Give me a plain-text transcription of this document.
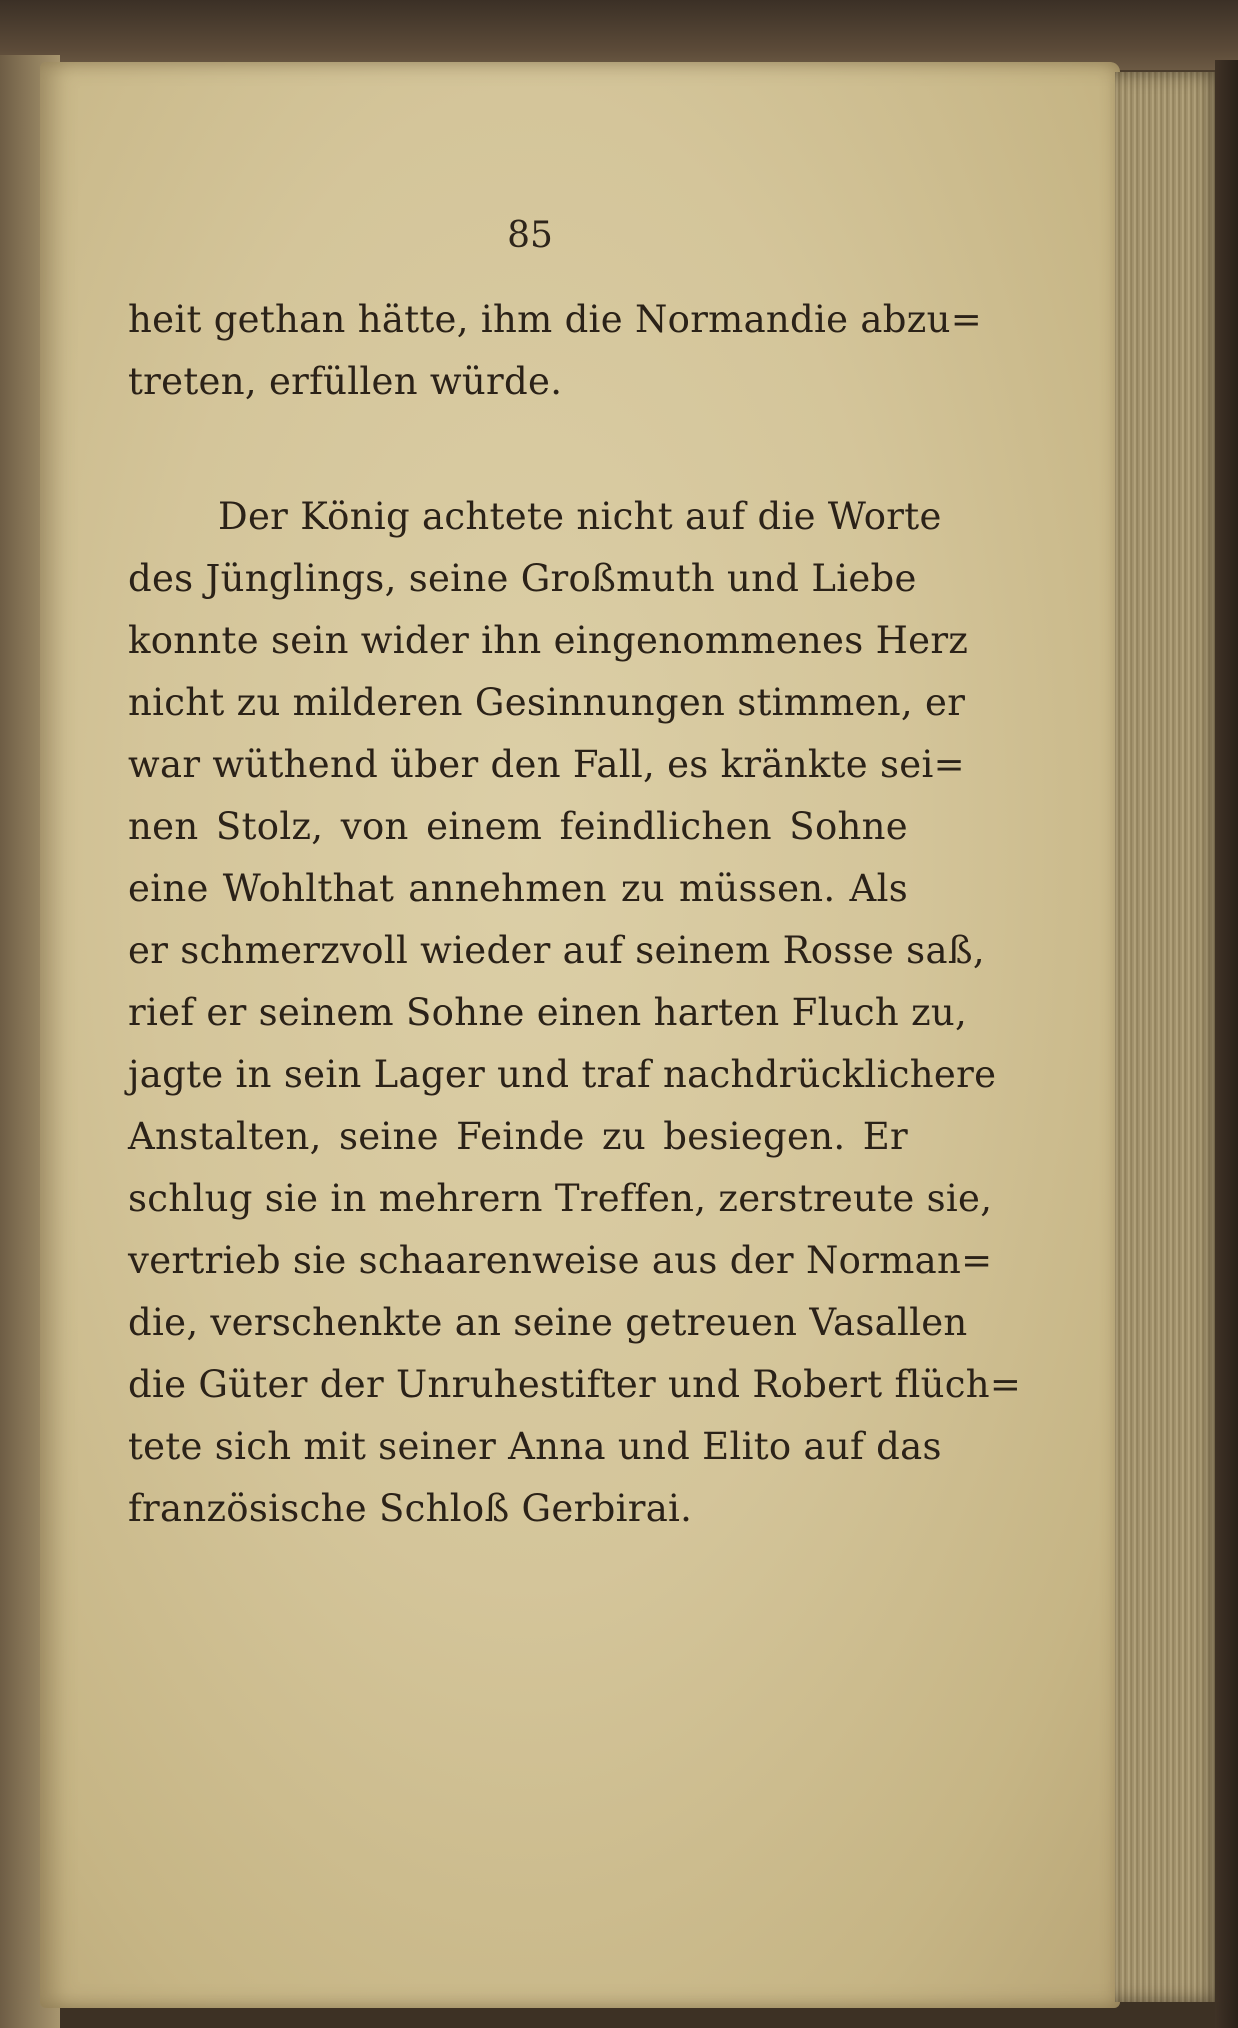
85
heit gethan hätte, ihm die Normandie abzu=
treten, erfüllen würde.
Der König achtete nicht auf die Worte
des Jünglings, seine Großmuth und Liebe
konnte sein wider ihn eingenommenes Herz
nicht zu milderen Gesinnungen stimmen, er
war wüthend über den Fall, es kränkte sei=
nen Stolz, von einem feindlichen Sohne
eine Wohlthat annehmen zu müssen. Als
er schmerzvoll wieder auf seinem Rosse saß,
rief er seinem Sohne einen harten Fluch zu,
jagte in sein Lager und traf nachdrücklichere
Anstalten, seine Feinde zu besiegen. Er
schlug sie in mehrern Treffen, zerstreute sie,
vertrieb sie schaarenweise aus der Norman=
die, verschenkte an seine getreuen Vasallen
die Güter der Unruhestifter und Robert flüch=
tete sich mit seiner Anna und Elito auf das
französische Schloß Gerbirai.
